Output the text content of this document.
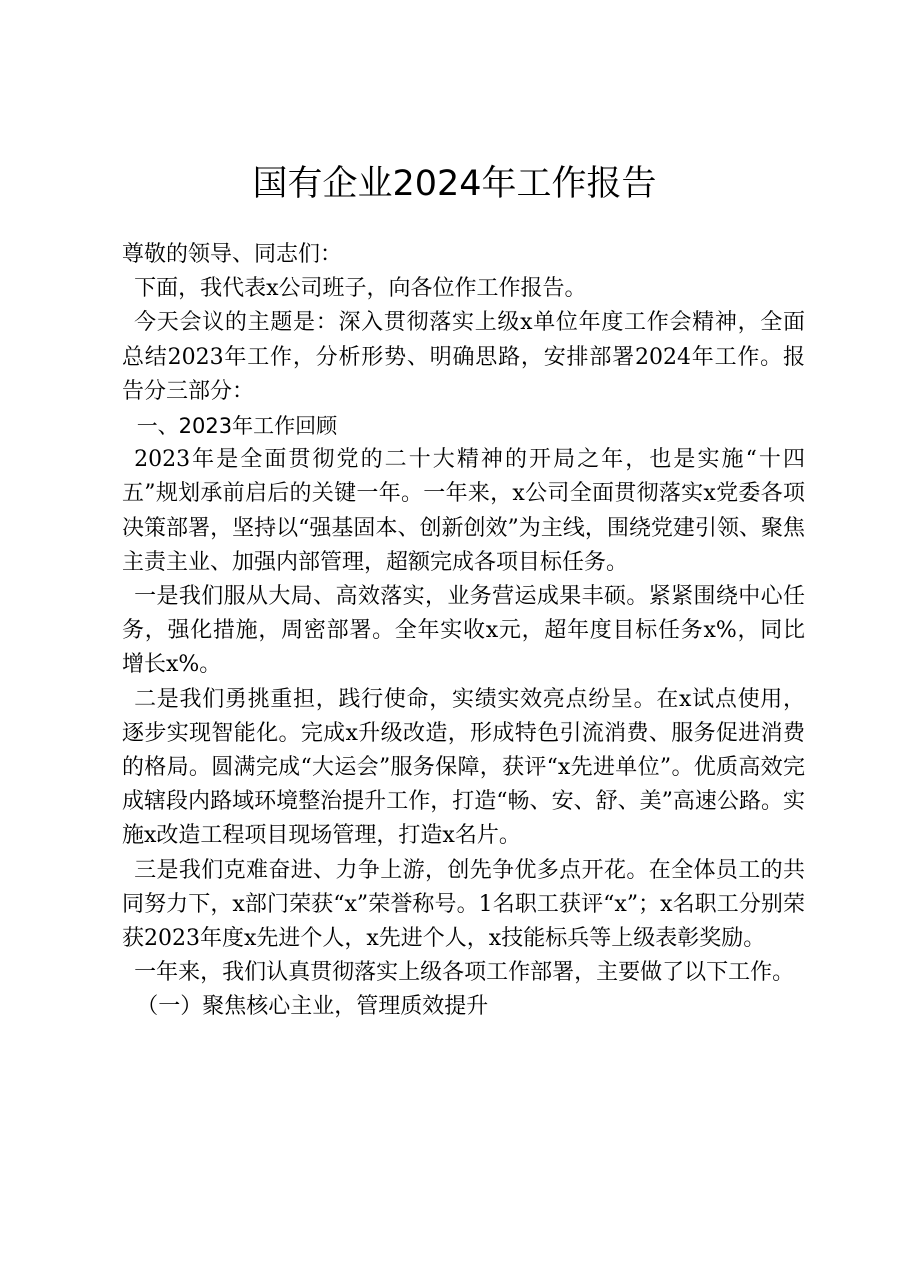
国有企业2024年工作报告

尊敬的领导、同志们：

下面，我代表x公司班子，向各位作工作报告。

今天会议的主题是：深入贯彻落实上级x单位年度工作会精神，全面总结2023年工作，分析形势、明确思路，安排部署2024年工作。报告分三部分：

一、2023年工作回顾

2023年是全面贯彻党的二十大精神的开局之年，也是实施“十四五”规划承前启后的关键一年。一年来，x公司全面贯彻落实x党委各项决策部署，坚持以“强基固本、创新创效”为主线，围绕党建引领、聚焦主责主业、加强内部管理，超额完成各项目标任务。

一是我们服从大局、高效落实，业务营运成果丰硕。紧紧围绕中心任务，强化措施，周密部署。全年实收x元，超年度目标任务x%，同比增长x%。

二是我们勇挑重担，践行使命，实绩实效亮点纷呈。在x试点使用，逐步实现智能化。完成x升级改造，形成特色引流消费、服务促进消费的格局。圆满完成“大运会”服务保障，获评“x先进单位”。优质高效完成辖段内路域环境整治提升工作，打造“畅、安、舒、美”高速公路。实施x改造工程项目现场管理，打造x名片。

三是我们克难奋进、力争上游，创先争优多点开花。在全体员工的共同努力下，x部门荣获“x”荣誉称号。1名职工获评“x”；x名职工分别荣获2023年度x先进个人，x先进个人，x技能标兵等上级表彰奖励。

一年来，我们认真贯彻落实上级各项工作部署，主要做了以下工作。

（一）聚焦核心主业，管理质效提升
